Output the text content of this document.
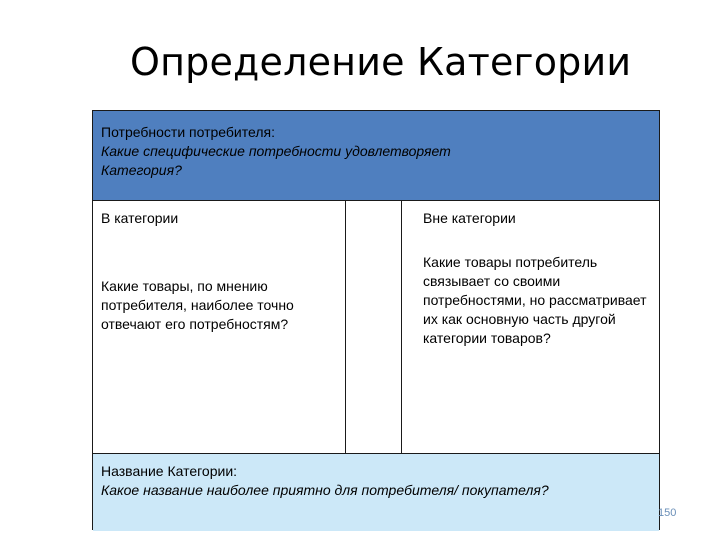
Определение Категории
Потребности потребителя:
Какие специфические потребности удовлетворяет
Категория?
В категории
Какие товары, по мнению потребителя, наиболее точно отвечают его потребностям?
Вне категории
Какие товары потребитель связывает со своими потребностями, но рассматривает их как основную часть другой категории товаров?
Название Категории:
Какое название наиболее приятно для потребителя/ покупателя?
150
